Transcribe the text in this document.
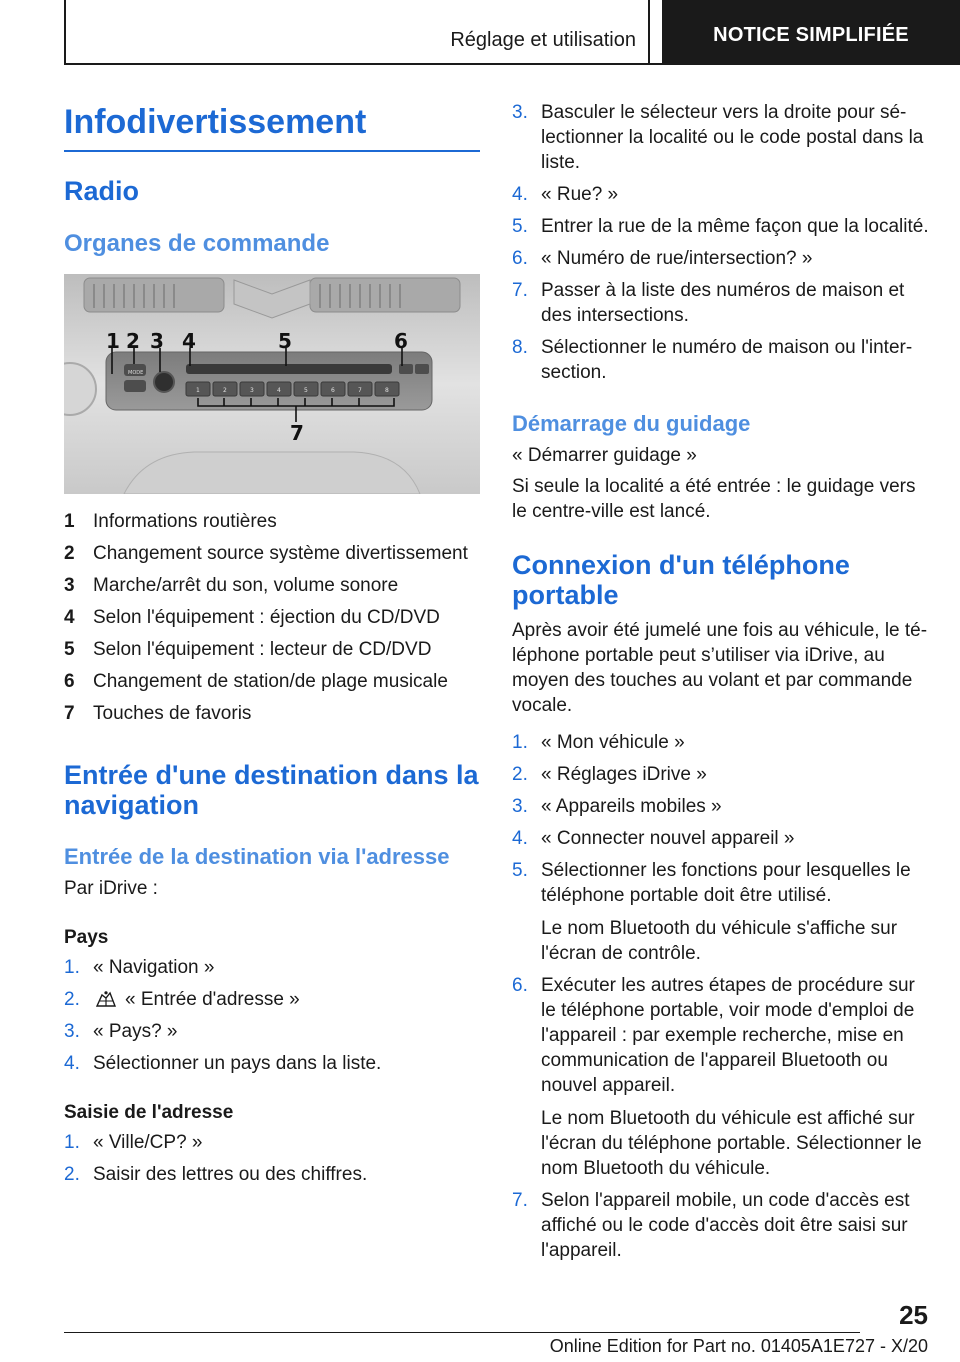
Réglage et utilisation	NOTICE SIMPLIFIÉE
Infodivertissement
Radio
Organes de commande
MODE
1	2	3	4	5	6	7	8
1 2 3 4	5	6
7
1 Informations routières
2 Changement source système divertissement
3 Marche/arrêt du son, volume sonore
4 Selon l'équipement : éjection du CD/DVD
5 Selon l'équipement : lecteur de CD/DVD
6 Changement de station/de plage musicale
7 Touches de favoris
Entrée d'une destination dans la navigation
Entrée de la destination via l'adresse

Par iDrive :

Pays
1. « Navigation »
2.	« Entrée d'adresse »
3. « Pays? »
4. Sélectionner un pays dans la liste.
Saisie de l'adresse
1. « Ville/CP? »
2. Saisir des lettres ou des chiffres.
3. Basculer le sélecteur vers la droite pour sé-lectionner la localité ou le code postal dans la liste.
4. « Rue? »
5. Entrer la rue de la même façon que la localité.
6. « Numéro de rue/intersection? »
7. Passer à la liste des numéros de maison et des intersections.
8. Sélectionner le numéro de maison ou l'inter-section.
Démarrage du guidage

« Démarrer guidage »

Si seule la localité a été entrée : le guidage vers le centre-ville est lancé.

Connexion d'un téléphone portable

Après avoir été jumelé une fois au véhicule, le té-léphone portable peut s’utiliser via iDrive, au moyen des touches au volant et par commande vocale.

1. « Mon véhicule »
2. « Réglages iDrive »
3. « Appareils mobiles »
4. « Connecter nouvel appareil »
5. Sélectionner les fonctions pour lesquelles le téléphone portable doit être utilisé.
Le nom Bluetooth du véhicule s'affiche sur l'écran de contrôle.
6. Exécuter les autres étapes de procédure sur le téléphone portable, voir mode d'emploi de l'appareil : par exemple recherche, mise en communication de l'appareil Bluetooth ou nouvel appareil.
Le nom Bluetooth du véhicule est affiché sur l'écran du téléphone portable. Sélectionner le nom Bluetooth du véhicule.
7. Selon l'appareil mobile, un code d'accès est affiché ou le code d'accès doit être saisi sur l'appareil.
25
Online Edition for Part no. 01405A1E727 - X/20
